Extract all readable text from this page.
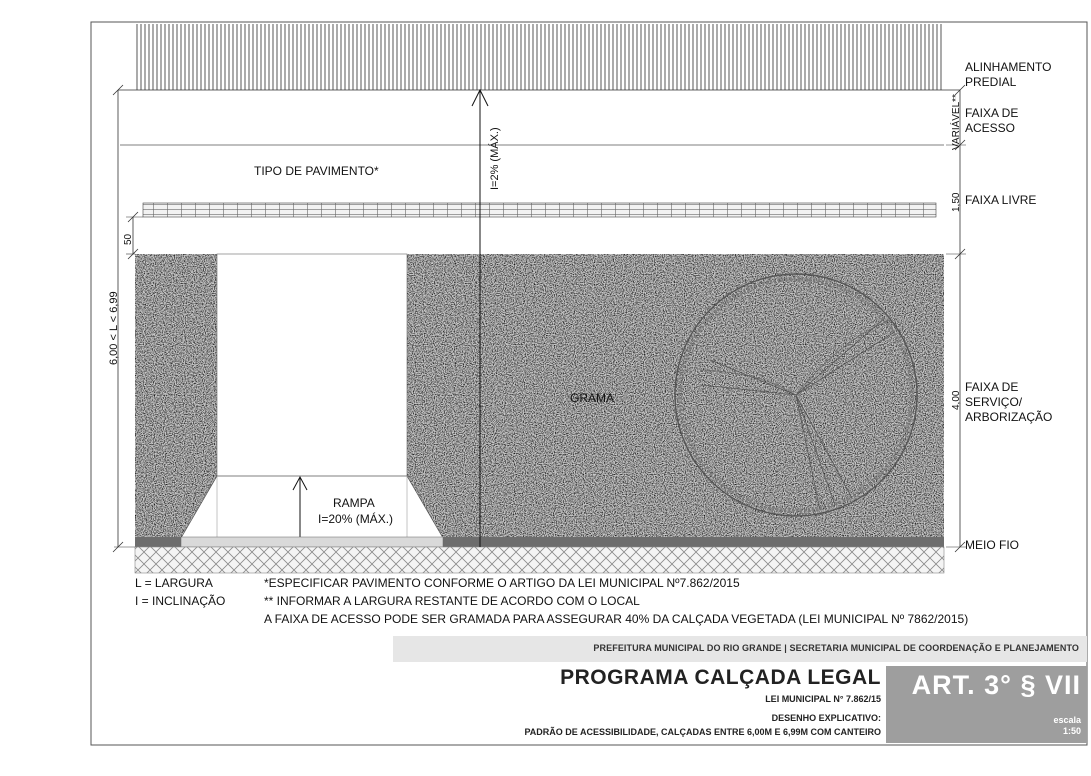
I=2% (MÁX.)
VARIÁVEL**
1,50
4,00
6,00 < L < 6,99
50
TIPO DE PAVIMENTO*
GRAMA
RAMPA
I=20% (MÁX.)
ALINHAMENTO
PREDIAL
FAIXA DE
ACESSO
FAIXA LIVRE
FAIXA DE
SERVIÇO/
ARBORIZAÇÃO
MEIO FIO
L = LARGURA
I = INCLINAÇÃO
*ESPECIFICAR PAVIMENTO CONFORME O ARTIGO DA LEI MUNICIPAL Nº7.862/2015
** INFORMAR A LARGURA RESTANTE DE ACORDO COM O LOCAL
A FAIXA DE ACESSO PODE SER GRAMADA PARA ASSEGURAR 40% DA CALÇADA VEGETADA (LEI MUNICIPAL Nº 7862/2015)
PREFEITURA MUNICIPAL DO RIO GRANDE | SECRETARIA MUNICIPAL DE COORDENAÇÃO E PLANEJAMENTO
PROGRAMA CALÇADA LEGAL
LEI MUNICIPAL N° 7.862/15
DESENHO EXPLICATIVO:
PADRÃO DE ACESSIBILIDADE, CALÇADAS ENTRE 6,00M E 6,99M COM CANTEIRO
ART. 3° § VII
escala
1:50
